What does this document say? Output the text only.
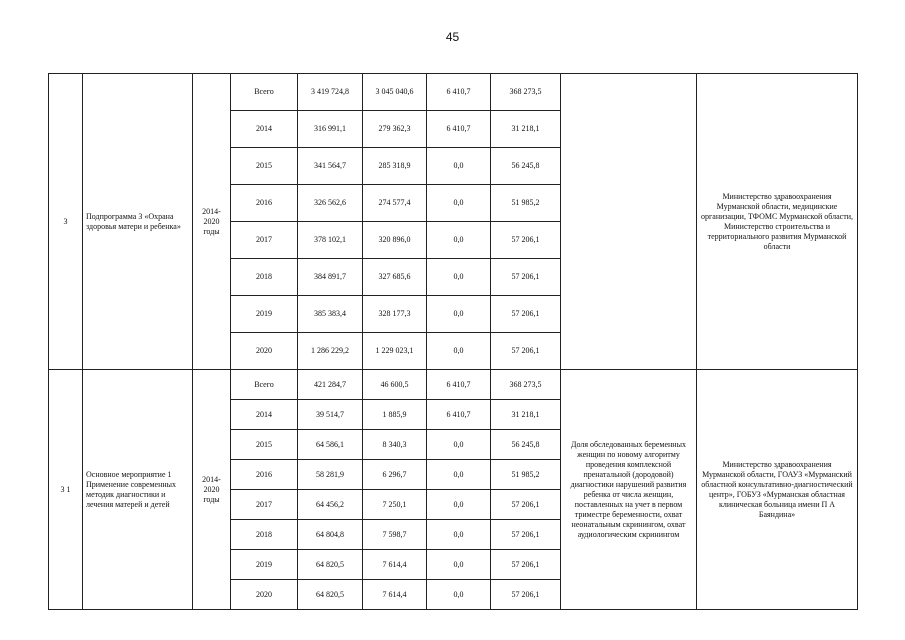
45
3	Подпрограмма 3 «Охрана здоровья матери и ребенка»	2014-2020 годы	Всего	3 419 724,8	3 045 040,6	6 410,7	368 273,5		Министерство здравоохранения Мурманской области, медицинские организации, ТФОМС Мурманской области, Министерство строительства и территориального развития Мурманской области
			2014	316 991,1	279 362,3	6 410,7	31 218,1		
			2015	341 564,7	285 318,9	0,0	56 245,8		
			2016	326 562,6	274 577,4	0,0	51 985,2		
			2017	378 102,1	320 896,0	0,0	57 206,1		
			2018	384 891,7	327 685,6	0,0	57 206,1		
			2019	385 383,4	328 177,3	0,0	57 206,1		
			2020	1 286 229,2	1 229 023,1	0,0	57 206,1		
3 1	Основное мероприятие 1 Применение современных методик диагностики и лечения матерей и детей	2014-2020 годы	Всего	421 284,7	46 600,5	6 410,7	368 273,5	Доля обследованных беременных женщин по новому алгоритму проведения комплексной пренатальной (дородовой) диагностики нарушений развития ребенка от числа женщин, поставленных на учет в первом триместре беременности, охват неонатальным скринингом, охват аудиологическим скринингом	Министерство здравоохранения Мурманской области, ГОАУЗ «Мурманский областной консультативно-диагностический центр», ГОБУЗ «Мурманская областная клиническая больница имени П А Баяндина»
			2014	39 514,7	1 885,9	6 410,7	31 218,1		
			2015	64 586,1	8 340,3	0,0	56 245,8		
			2016	58 281,9	6 296,7	0,0	51 985,2		
			2017	64 456,2	7 250,1	0,0	57 206,1		
			2018	64 804,8	7 598,7	0,0	57 206,1		
			2019	64 820,5	7 614,4	0,0	57 206,1		
			2020	64 820,5	7 614,4	0,0	57 206,1		
